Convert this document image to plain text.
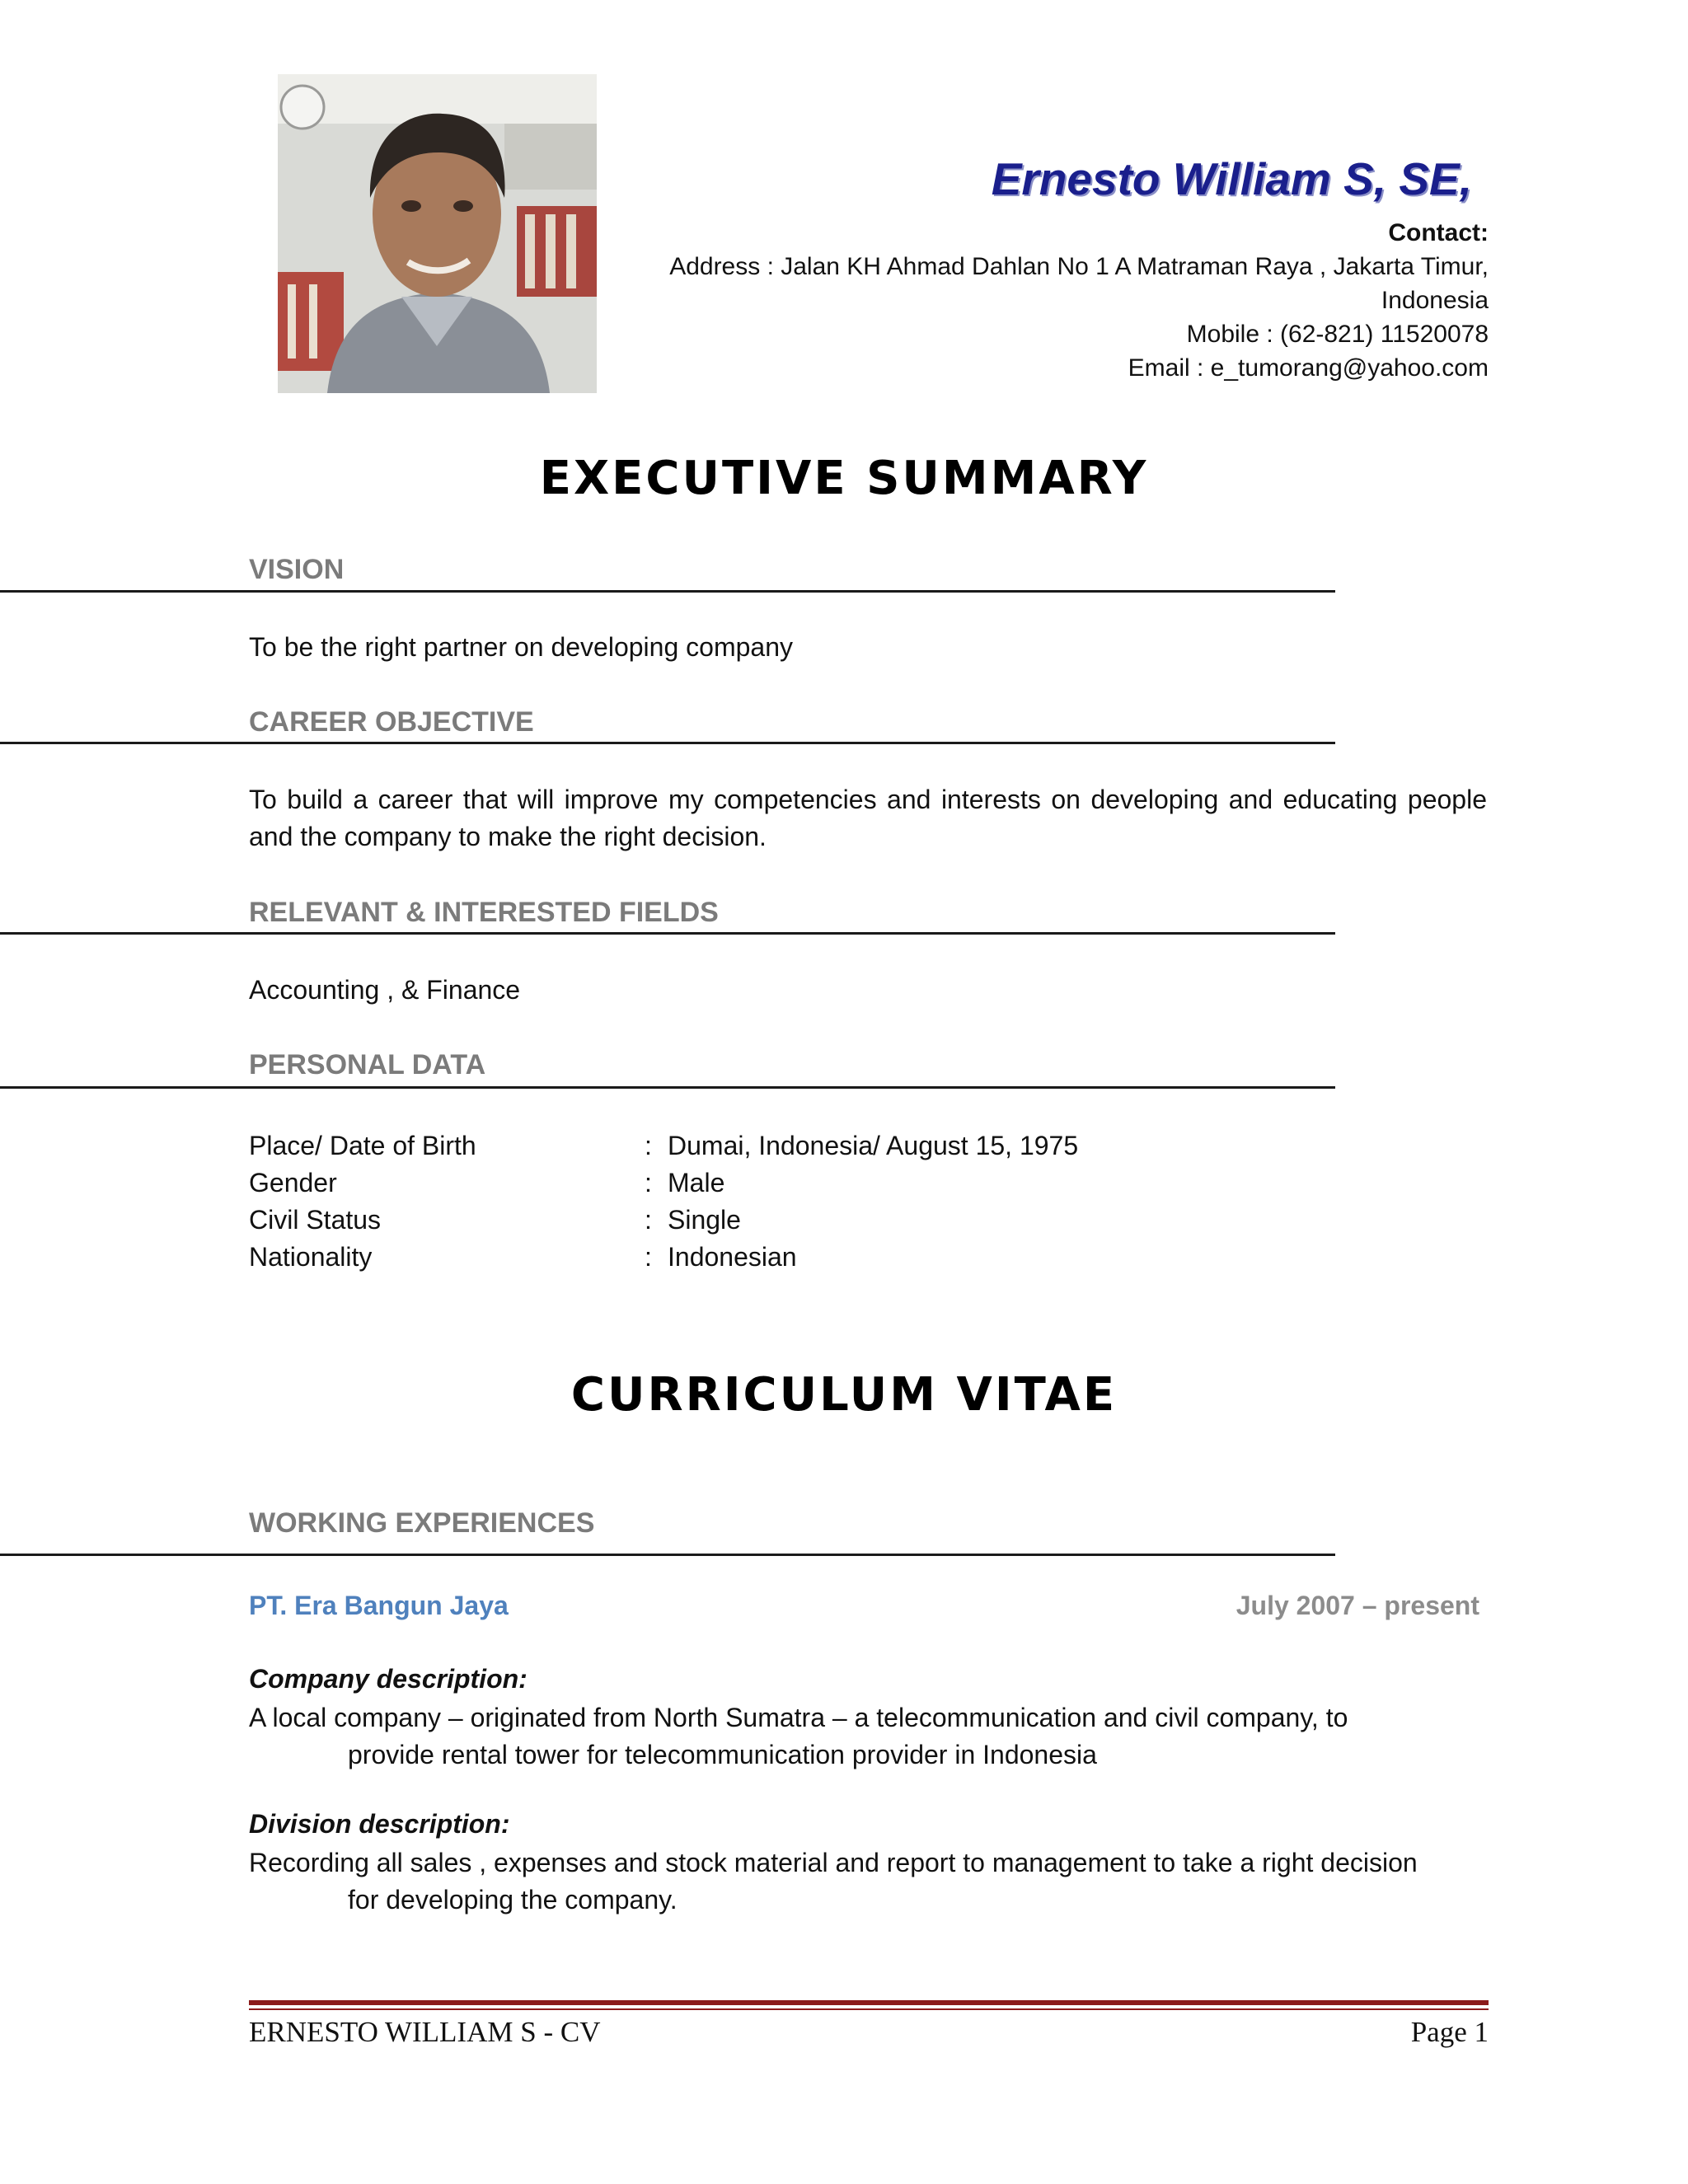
Ernesto William S, SE,
Contact:
Address : Jalan KH Ahmad Dahlan No 1 A Matraman Raya , Jakarta Timur,
Indonesia
Mobile : (62-821) 11520078
Email : e_tumorang@yahoo.com
EXECUTIVE SUMMARY
VISION
To be the right partner on developing company
CAREER OBJECTIVE
To build a career that will improve my competencies and interests on developing and educating people and the company to make the right decision.
RELEVANT & INTERESTED FIELDS
Accounting , & Finance
PERSONAL DATA
Place/ Date of Birth	: Dumai, Indonesia/ August 15, 1975
Gender	: Male
Civil Status	: Single
Nationality	: Indonesian
CURRICULUM VITAE
WORKING EXPERIENCES
PT. Era Bangun Jaya	July 2007 – present
Company description:
A local company – originated from North Sumatra – a telecommunication and civil company, to
provide rental tower for telecommunication provider in Indonesia
Division description:
Recording all sales , expenses and stock material and report to management to take a right decision
for developing the company.
ERNESTO WILLIAM S - CV	Page 1
